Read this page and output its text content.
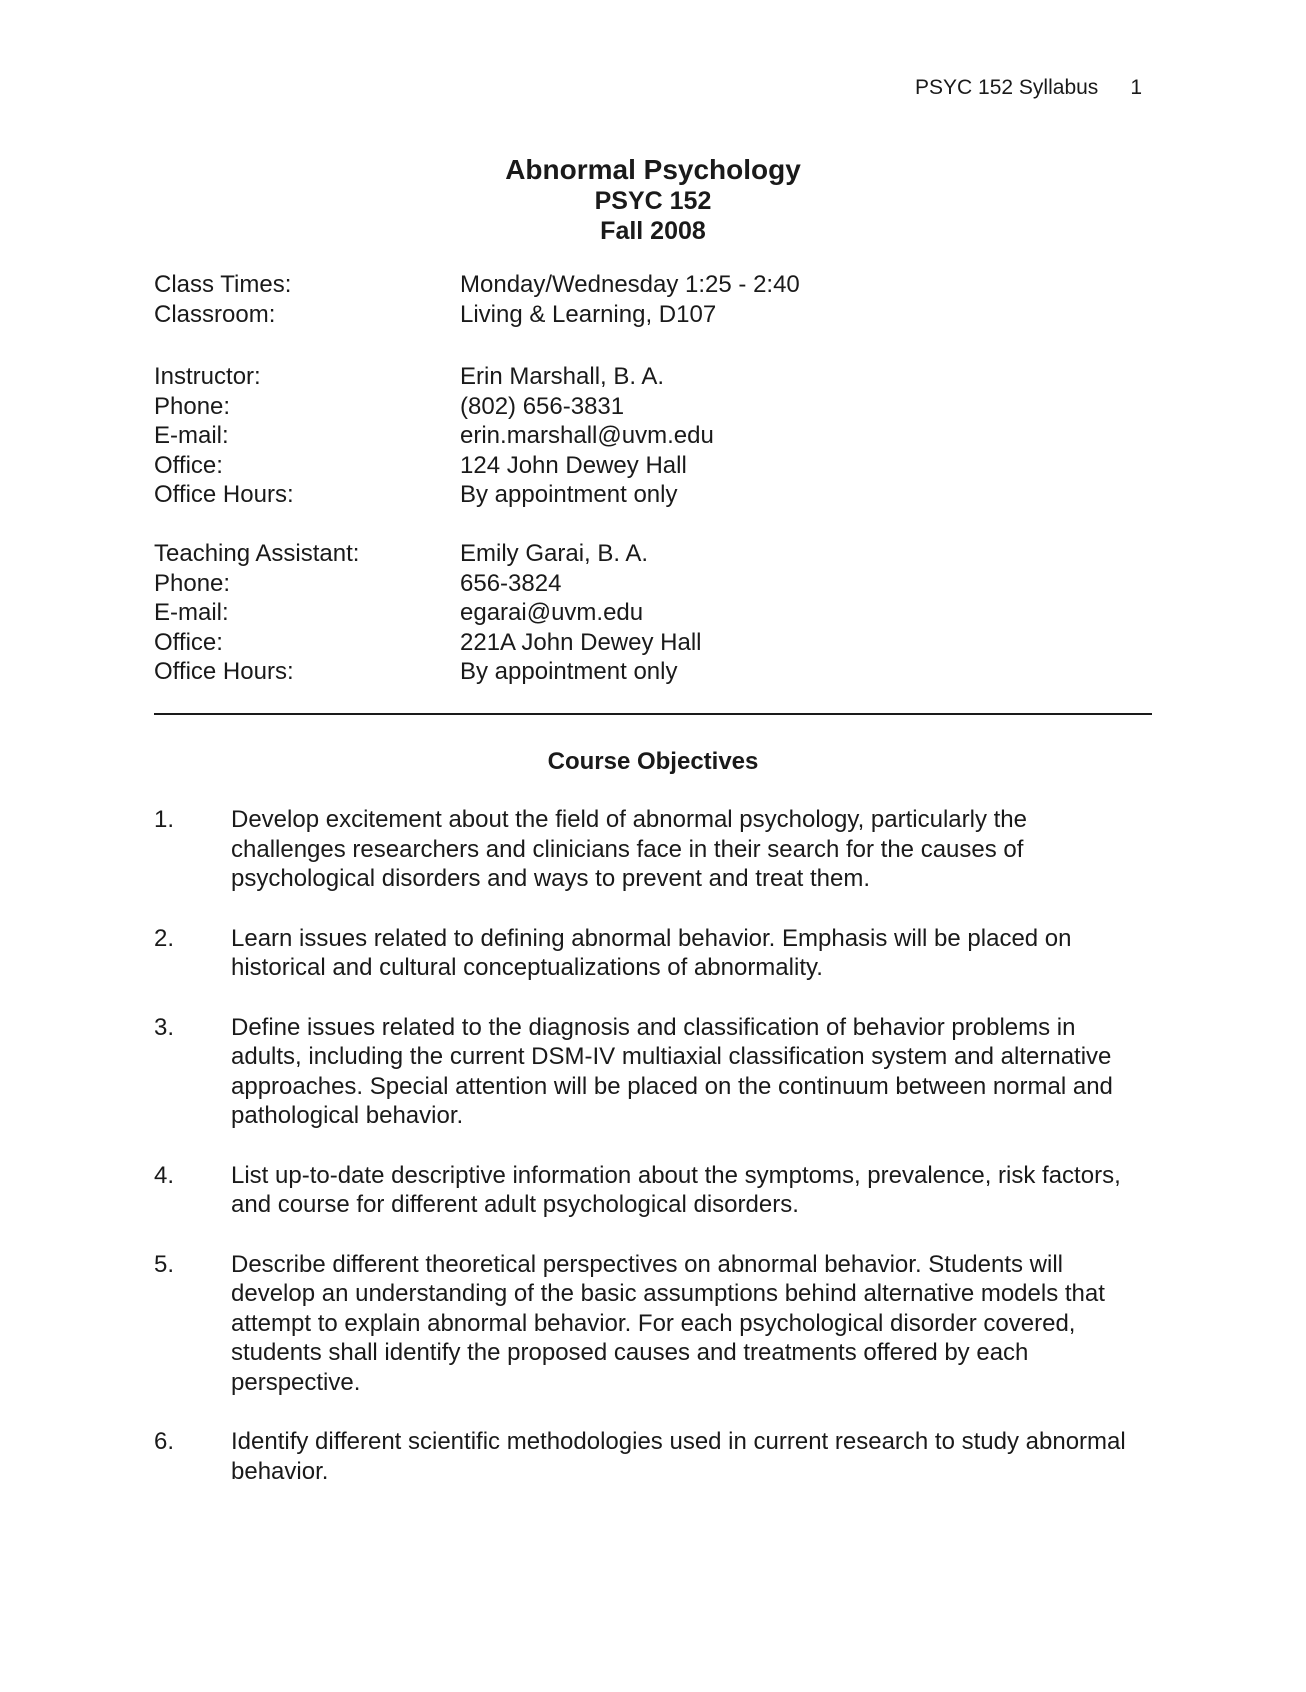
PSYC 152 Syllabus 1
Abnormal Psychology
PSYC 152
Fall 2008
Class Times:	Monday/Wednesday 1:25 - 2:40
Classroom:	Living & Learning, D107
Instructor:	Erin Marshall, B. A.
Phone:	(802) 656-3831
E-mail:	erin.marshall@uvm.edu
Office:	124 John Dewey Hall
Office Hours:	By appointment only
Teaching Assistant:	Emily Garai, B. A.
Phone:	656-3824
E-mail:	egarai@uvm.edu
Office:	221A John Dewey Hall
Office Hours:	By appointment only
Course Objectives
1.	Develop excitement about the field of abnormal psychology, particularly the challenges researchers and clinicians face in their search for the causes of psychological disorders and ways to prevent and treat them.
2.	Learn issues related to defining abnormal behavior. Emphasis will be placed on historical and cultural conceptualizations of abnormality.
3.	Define issues related to the diagnosis and classification of behavior problems in adults, including the current DSM-IV multiaxial classification system and alternative approaches. Special attention will be placed on the continuum between normal and pathological behavior.
4.	List up-to-date descriptive information about the symptoms, prevalence, risk factors, and course for different adult psychological disorders.
5.	Describe different theoretical perspectives on abnormal behavior. Students will develop an understanding of the basic assumptions behind alternative models that attempt to explain abnormal behavior. For each psychological disorder covered, students shall identify the proposed causes and treatments offered by each perspective.
6.	Identify different scientific methodologies used in current research to study abnormal behavior.
